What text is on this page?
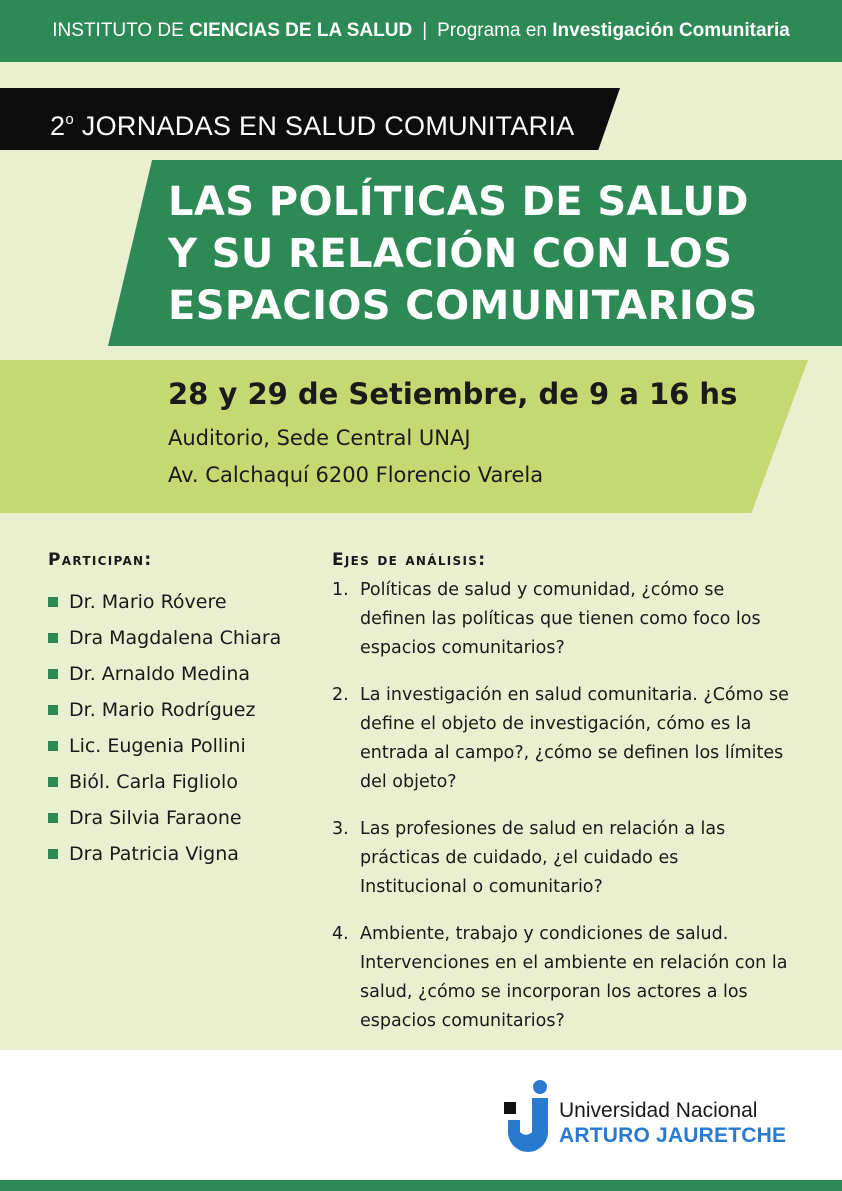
INSTITUTO DE
CIENCIAS DE LA SALUD | Programa en
Investigación Comunitaria
2$^o$ JORNADAS EN SALUD COMUNITARIA
LAS POLÍTICAS DE SALUD
Y SU RELACIÓN CON LOS
ESPACIOS COMUNITARIOS
28 y 29 de Setiembre, de 9 a 16 hs
Auditorio, Sede Central UNAJ
Av. Calchaquí 6200 Florencio Varela
Participan:
Dr. Mario Róvere
Dra Magdalena Chiara
Dr. Arnaldo Medina
Dr. Mario Rodríguez
Lic. Eugenia Pollini
Biól. Carla Figliolo
Dra Silvia Faraone
Dra Patricia Vigna
Ejes de análisis:
1. Políticas de salud y comunidad, ¿cómo se definen las políticas que tienen como foco los espacios comunitarios?
2. La investigación en salud comunitaria. ¿Cómo se define el objeto de investigación, cómo es la entrada al campo?, ¿cómo se definen los límites del objeto?
3. Las profesiones de salud en relación a las prácticas de cuidado, ¿el cuidado es Institucional o comunitario?
4. Ambiente, trabajo y condiciones de salud. Intervenciones en el ambiente en relación con la salud, ¿cómo se incorporan los actores a los espacios comunitarios?
Universidad Nacional
ARTURO JAURETCHE
